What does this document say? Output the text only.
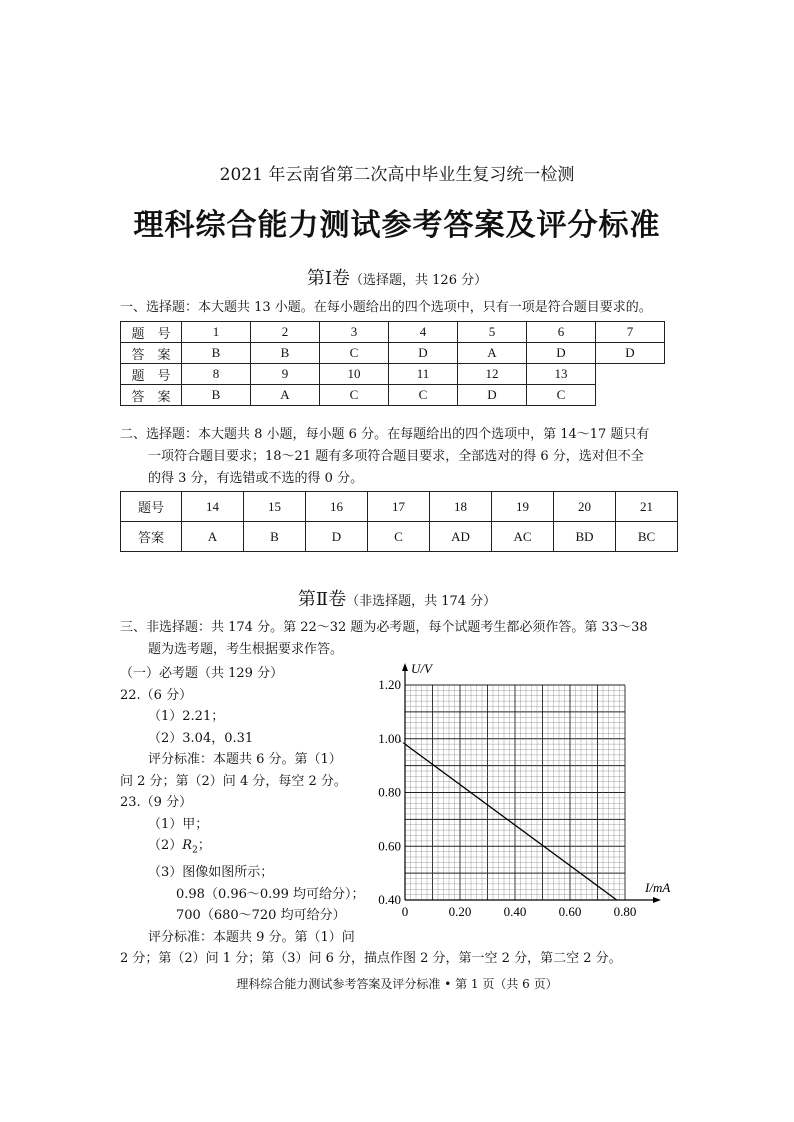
2021 年云南省第二次高中毕业生复习统一检测
理科综合能力测试参考答案及评分标准
第Ⅰ卷（选择题，共 126 分）
一、选择题：本大题共 13 小题。在每小题给出的四个选项中，只有一项是符合题目要求的。
题　号	1	2	3	4	5	6	7
答　案	B	B	C	D	A	D	D
题　号	8	9	10	11	12	13	
答　案	B	A	C	C	D	C	
二、选择题：本大题共 8 小题，每小题 6 分。在每题给出的四个选项中，第 14～17 题只有
一项符合题目要求；18～21 题有多项符合题目要求，全部选对的得 6 分，选对但不全
的得 3 分，有选错或不选的得 0 分。
题号	14	15	16	17	18	19	20	21
答案	A	B	D	C	AD	AC	BD	BC
第Ⅱ卷（非选择题，共 174 分）
三、非选择题：共 174 分。第 22～32 题为必考题，每个试题考生都必须作答。第 33～38
题为选考题，考生根据要求作答。
（一）必考题（共 129 分）
22.（6 分）
（1）2.21；
（2）3.04，0.31
评分标准：本题共 6 分。第（1）
问 2 分；第（2）问 4 分，每空 2 分。
23.（9 分）
（1）甲；
$(2)R_2$；
（3）图像如图所示；
0.98（0.96～0.99 均可给分）；
700（680～720 均可给分）
评分标准：本题共 9 分。第（1）问
2 分；第（2）问 1 分；第（3）问 6 分，描点作图 2 分，第一空 2 分，第二空 2 分。
0.40
0.60
0.80
1.00
1.20
0	0.20 0.40 0.60 0.80
U/V
I/mA
理科综合能力测试参考答案及评分标准 • 第 1 页（共 6 页）
